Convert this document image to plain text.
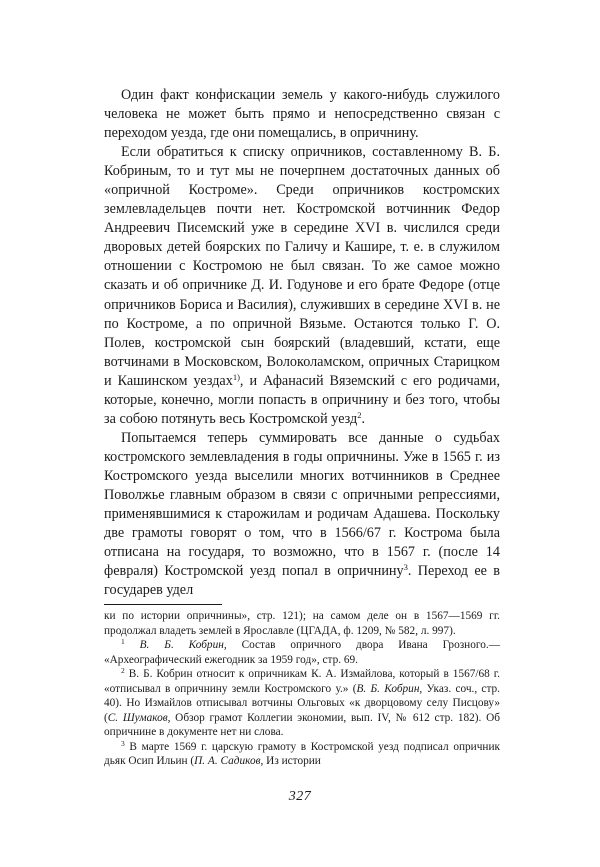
Один факт конфискации земель у какого-нибудь служилого человека не может быть прямо и непосредственно связан с переходом уезда, где они помещались, в опричнину.

Если обратиться к списку опричников, составленному В. Б. Кобриным, то и тут мы не почерпнем достаточных данных об «опричной Костроме». Среди опричников костромских землевладельцев почти нет. Костромской вотчинник Федор Андреевич Писемский уже в середине XVI в. числился среди дворовых детей боярских по Галичу и Каширe, т. е. в служилом отношении с Костромою не был связан. То же самое можно сказать и об опричнике Д. И. Годунове и его брате Федоре (отце опричников Бориса и Василия), служивших в середине XVI в. не по Костроме, а по опричной Вязьме. Остаются только Г. О. Полев, костромской сын боярский (владевший, кстати, еще вотчинами в Московском, Волоколамском, опричных Старицком и Кашинском уездах$^{1)}$, и Афанасий Вяземский с его родичами, которые, конечно, могли попасть в опричнину и без того, чтобы за собою потянуть весь Костромской уезд$^2$.

Попытаемся теперь суммировать все данные о судьбах костромского землевладения в годы опричнины. Уже в 1565 г. из Костромского уезда выселили многих вотчинников в Среднее Поволжье главным образом в связи с опричными репрессиями, применявшимися к старожилам и родичам Адашева. Поскольку две грамоты говорят о том, что в 1566/67 г. Кострома была отписана на государя, то возможно, что в 1567 г. (после 14 февраля) Костромской уезд попал в опричнину$^3$. Переход ее в государев удел

ки по истории опричнины», стр. 121); на самом деле он в 1567—1569 гг. продолжал владеть землей в Ярославле (ЦГАДА, ф. 1209, № 582, л. 997).

$^1$ В. Б. Кобрин, Состав опричного двора Ивана Грозного.— «Археографический ежегодник за 1959 год», стр. 69.

$^2$ В. Б. Кобрин относит к опричникам К. А. Измайлова, который в 1567/68 г. «отписывал в опричнину земли Костромского у.» (В. Б. Кобрин, Указ. соч., стр. 40). Но Измайлов отписывал вотчины Ольговых «к дворцовому селу Писцову» (С. Шумаков, Обзор грамот Коллегии экономии, вып. IV, № 612 стр. 182). Об опричнине в документе нет ни слова.

$^3$ В марте 1569 г. царскую грамоту в Костромской уезд подписал опричник дьяк Осип Ильин (П. А. Садиков, Из истории

327
